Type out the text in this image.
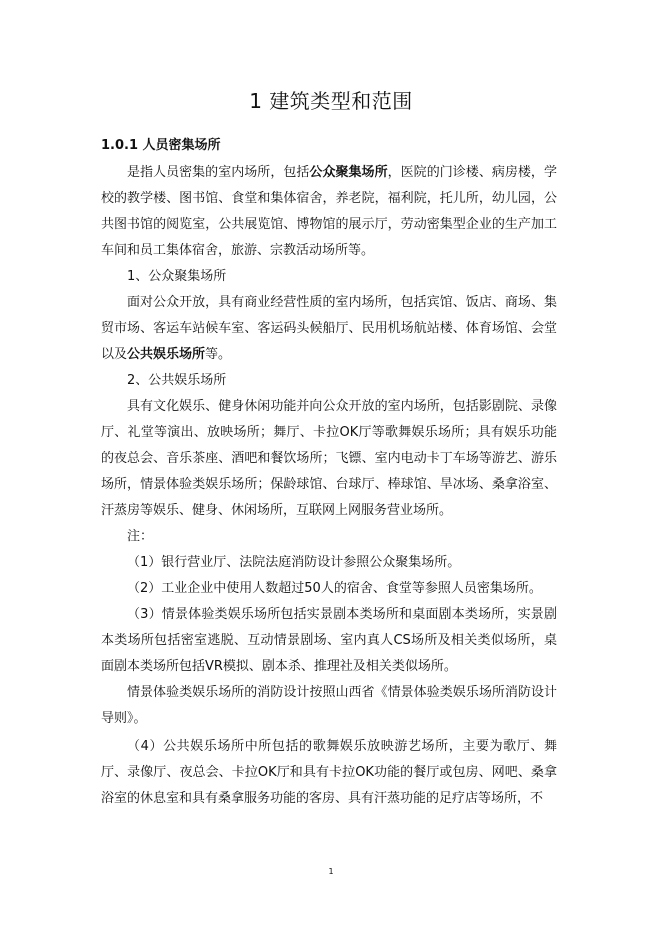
1 建筑类型和范围
1.0.1 人员密集场所

是指人员密集的室内场所，包括公众聚集场所，医院的门诊楼、病房楼，学校的教学楼、图书馆、食堂和集体宿舍，养老院，福利院，托儿所，幼儿园，公共图书馆的阅览室，公共展览馆、博物馆的展示厅，劳动密集型企业的生产加工车间和员工集体宿舍，旅游、宗教活动场所等。

1、公众聚集场所

面对公众开放，具有商业经营性质的室内场所，包括宾馆、饭店、商场、集贸市场、客运车站候车室、客运码头候船厅、民用机场航站楼、体育场馆、会堂以及公共娱乐场所等。

2、公共娱乐场所

具有文化娱乐、健身休闲功能并向公众开放的室内场所，包括影剧院、录像厅、礼堂等演出、放映场所；舞厅、卡拉OK厅等歌舞娱乐场所；具有娱乐功能的夜总会、音乐茶座、酒吧和餐饮场所；飞镖、室内电动卡丁车场等游艺、游乐场所，情景体验类娱乐场所；保龄球馆、台球厅、棒球馆、旱冰场、桑拿浴室、汗蒸房等娱乐、健身、休闲场所，互联网上网服务营业场所。

注：

（1）银行营业厅、法院法庭消防设计参照公众聚集场所。

（2）工业企业中使用人数超过50人的宿舍、食堂等参照人员密集场所。

（3）情景体验类娱乐场所包括实景剧本类场所和桌面剧本类场所，实景剧本类场所包括密室逃脱、互动情景剧场、室内真人CS场所及相关类似场所，桌面剧本类场所包括VR模拟、剧本杀、推理社及相关类似场所。

情景体验类娱乐场所的消防设计按照山西省《情景体验类娱乐场所消防设计导则》。

（4）公共娱乐场所中所包括的歌舞娱乐放映游艺场所，主要为歌厅、舞厅、录像厅、夜总会、卡拉OK厅和具有卡拉OK功能的餐厅或包房、网吧、桑拿浴室的休息室和具有桑拿服务功能的客房、具有汗蒸功能的足疗店等场所，不

1
